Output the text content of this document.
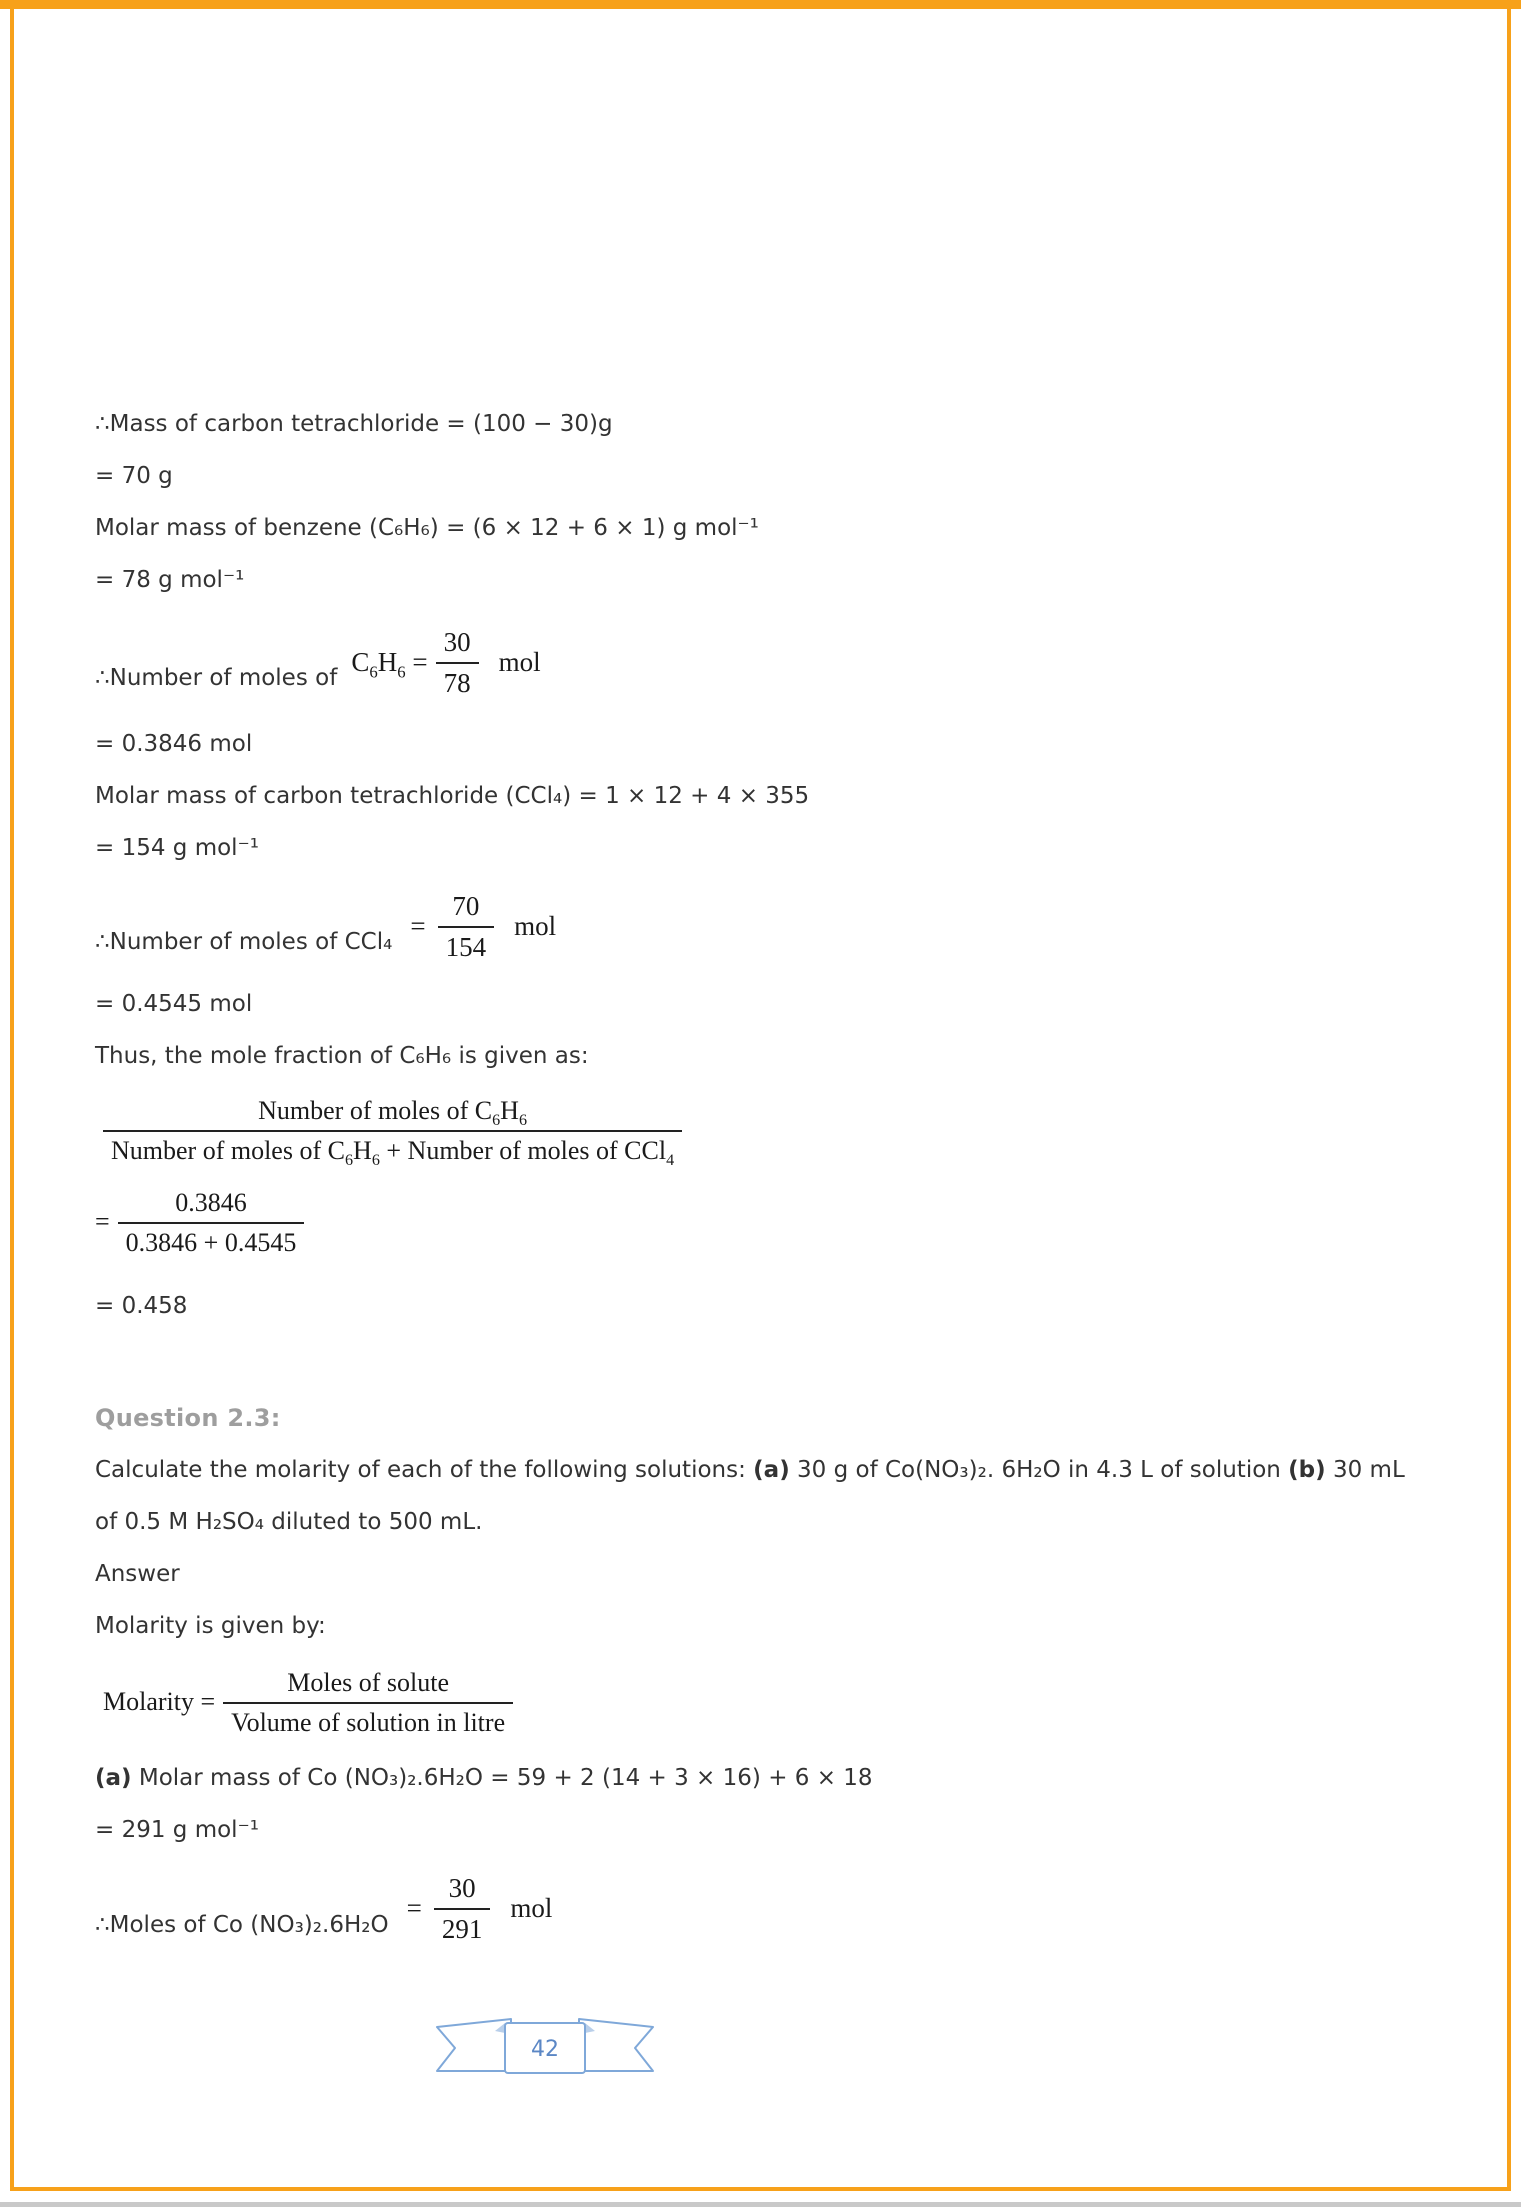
∴Mass of carbon tetrachloride = (100 − 30)g

= 70 g

Molar mass of benzene (C₆H₆) = (6 × 12 + 6 × 1) g mol⁻¹

= 78 g mol⁻¹

∴Number of moles of
$C_6H_6 = \frac{30}{78}$ mol

= 0.3846 mol

Molar mass of carbon tetrachloride (CCl₄) = 1 × 12 + 4 × 355

= 154 g mol⁻¹

∴Number of moles of CCl₄
= $\frac{70}{154}$ mol

= 0.4545 mol

Thus, the mole fraction of C₆H₆ is given as:

$\frac{Number of moles of C_6H_6}{Number of moles of C_6H_6 + Number of moles of CCl_4}$
= $\frac{0.3846}{0.3846 + 0.4545}$

= 0.458

Question 2.3:

Calculate the molarity of each of the following solutions: (a) 30 g of Co(NO₃)₂. 6H₂O in 4.3 L of solution (b) 30 mL of 0.5 M H₂SO₄ diluted to 500 mL.

Answer

Molarity is given by:

Molarity = $\frac{\text{Moles of solute}}{\text{Volume of solution in litre}}$

(a) Molar mass of Co (NO₃)₂.6H₂O = 59 + 2 (14 + 3 × 16) + 6 × 18

= 291 g mol⁻¹

∴Moles of Co (NO₃)₂.6H₂O
= $\frac{30}{291}$ mol
42
